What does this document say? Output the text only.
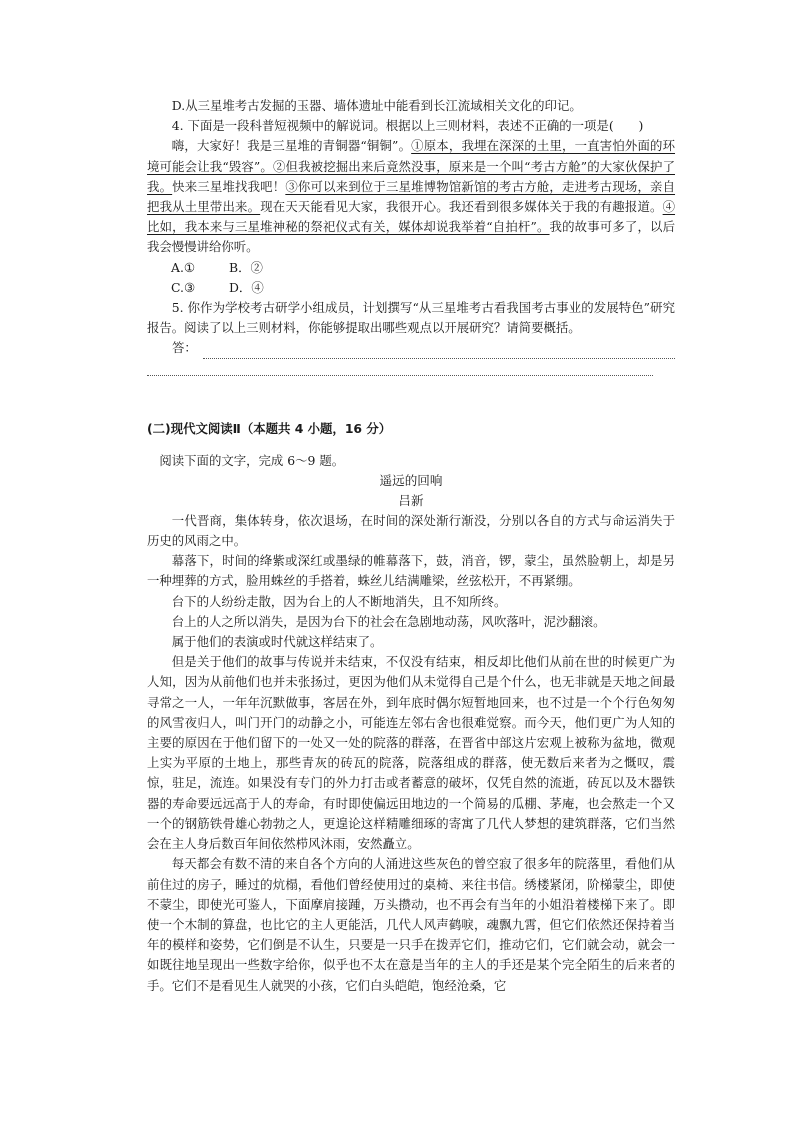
D.从三星堆考古发掘的玉器、墙体遗址中能看到长江流域相关文化的印记。

4. 下面是一段科普短视频中的解说词。根据以上三则材料，表述不正确的一项是(　　)

嗨，大家好！我是三星堆的青铜器“铜铜”。①原本，我埋在深深的土里，一直害怕外面的环境可能会让我“毁容”。②但我被挖掘出来后竟然没事，原来是一个叫“考古方舱”的大家伙保护了我。快来三星堆找我吧！③你可以来到位于三星堆博物馆新馆的考古方舱，走进考古现场，亲自把我从土里带出来。现在天天能看见大家，我很开心。我还看到很多媒体关于我的有趣报道。④比如，我本来与三星堆神秘的祭祀仪式有关，媒体却说我举着“自拍杆”。我的故事可多了，以后我会慢慢讲给你听。

A.①	B．②
C.③	D．④

5. 你作为学校考古研学小组成员，计划撰写“从三星堆考古看我国考古事业的发展特色”研究报告。阅读了以上三则材料，你能够提取出哪些观点以开展研究？请简要概括。

答：
(二)现代文阅读Ⅱ（本题共 4 小题，16 分）

阅读下面的文字，完成 6～9 题。

遥远的回响

吕新

一代晋商，集体转身，依次退场，在时间的深处渐行渐没，分别以各自的方式与命运消失于历史的风雨之中。

幕落下，时间的绛紫或深红或墨绿的帷幕落下，鼓，消音，锣，蒙尘，虽然脸朝上，却是另一种埋葬的方式，脸用蛛丝的手搭着，蛛丝儿结满雕梁，丝弦松开，不再紧绷。

台下的人纷纷走散，因为台上的人不断地消失，且不知所终。

台上的人之所以消失，是因为台下的社会在急剧地动荡，风吹落叶，泥沙翻滚。

属于他们的表演或时代就这样结束了。

但是关于他们的故事与传说并未结束，不仅没有结束，相反却比他们从前在世的时候更广为人知，因为从前他们也并未张扬过，更因为他们从未觉得自己是个什么，也无非就是天地之间最寻常之一人，一年年沉默做事，客居在外，到年底时偶尔短暂地回来，也不过是一个个行色匆匆的风雪夜归人，叫门开门的动静之小，可能连左邻右舍也很难觉察。而今天，他们更广为人知的主要的原因在于他们留下的一处又一处的院落的群落，在晋省中部这片宏观上被称为盆地，微观上实为平原的土地上，那些青灰的砖瓦的院落，院落组成的群落，使无数后来者为之慨叹，震惊，驻足，流连。如果没有专门的外力打击或者蓄意的破坏，仅凭自然的流逝，砖瓦以及木器铁器的寿命要远远高于人的寿命，有时即使偏远田地边的一个简易的瓜棚、茅庵，也会熬走一个又一个的钢筋铁骨雄心勃勃之人，更遑论这样精雕细琢的寄寓了几代人梦想的建筑群落，它们当然会在主人身后数百年间依然栉风沐雨，安然矗立。

每天都会有数不清的来自各个方向的人涌进这些灰色的曾空寂了很多年的院落里，看他们从前住过的房子，睡过的炕榻，看他们曾经使用过的桌椅、来往书信。绣楼紧闭，阶梯蒙尘，即使不蒙尘，即使光可鉴人，下面摩肩接踵，万头攒动，也不再会有当年的小姐沿着楼梯下来了。即使一个木制的算盘，也比它的主人更能活，几代人风声鹤唳，魂飘九霄，但它们依然还保持着当年的模样和姿势，它们倒是不认生，只要是一只手在拨弄它们，推动它们，它们就会动，就会一如既往地呈现出一些数字给你，似乎也不太在意是当年的主人的手还是某个完全陌生的后来者的手。它们不是看见生人就哭的小孩，它们白头皑皑，饱经沧桑，它
